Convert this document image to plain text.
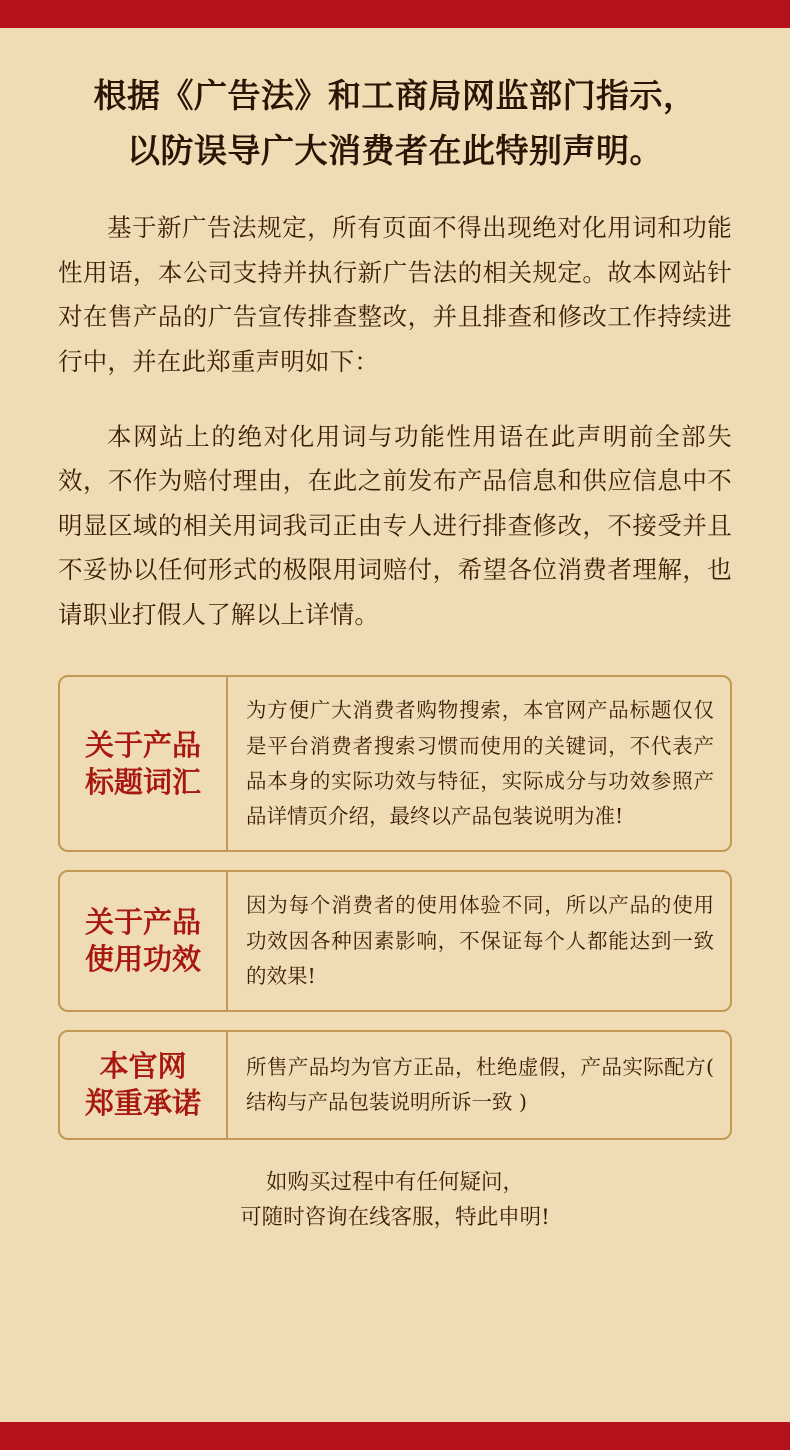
根据《广告法》和工商局网监部门指示，
以防误导广大消费者在此特别声明。

基于新广告法规定，所有页面不得出现绝对化用词和功能性用语，本公司支持并执行新广告法的相关规定。故本网站针对在售产品的广告宣传排查整改，并且排查和修改工作持续进行中，并在此郑重声明如下：

本网站上的绝对化用词与功能性用语在此声明前全部失效，不作为赔付理由，在此之前发布产品信息和供应信息中不明显区域的相关用词我司正由专人进行排查修改，不接受并且不妥协以任何形式的极限用词赔付，希望各位消费者理解，也请职业打假人了解以上详情。

关于产品
标题词汇

为方便广大消费者购物搜索，本官网产品标题仅仅是平台消费者搜索习惯而使用的关键词，不代表产品本身的实际功效与特征，实际成分与功效参照产品详情页介绍，最终以产品包装说明为准!

关于产品
使用功效

因为每个消费者的使用体验不同，所以产品的使用功效因各种因素影响，不保证每个人都能达到一致的效果!

本官网
郑重承诺

所售产品均为官方正品，杜绝虚假，产品实际配方( 结构与产品包装说明所诉一致 )

如购买过程中有任何疑问，
可随时咨询在线客服，特此申明!
